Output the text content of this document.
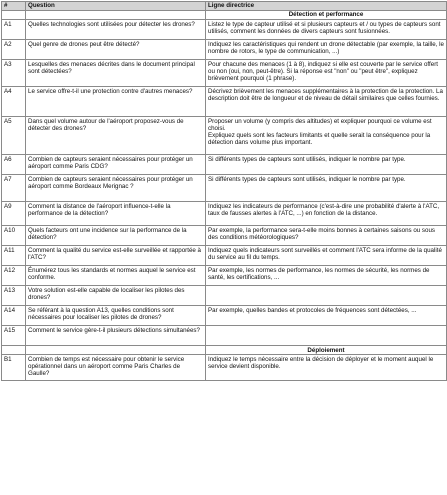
#	Question	Ligne directrice
		Détection et performance
A1	Quelles technologies sont utilisées pour détecter les drones?	Listez le type de capteur utilisé et si plusieurs capteurs et / ou types de capteurs sont utilisés, comment les données de divers capteurs sont fusionnées.
A2	Quel genre de drones peut être détecté?	Indiquez les caractéristiques qui rendent un drone détectable (par exemple, la taille, le nombre de rotors, le type de communication, ...)
A3	Lesquelles des menaces décrites dans le document principal sont détectées?	Pour chacune des menaces (1 à 8), indiquez si elle est couverte par le service offert ou non (oui, non, peut-être). Si la réponse est "non" ou "peut être", expliquez brièvement pourquoi (1 phrase).
A4	Le service offre-t-il une protection contre d'autres menaces?	Décrivez brièvement les menaces supplémentaires à la protection de la protection. La description doit être de longueur et de niveau de détail similaires que celles fournies.
A5	Dans quel volume autour de l'aéroport proposez-vous de détecter des drones?	Proposer un volume (y compris des altitudes) et expliquer pourquoi ce volume est choisi.
Expliquez quels sont les facteurs limitants et quelle serait la conséquence pour la détection dans volume plus important.
A6	Combien de capteurs seraient nécessaires pour protéger un aéroport comme Paris CDG?	Si différents types de capteurs sont utilisés, indiquer le nombre par type.
A7	Combien de capteurs seraient nécessaires pour protéger un aéroport comme Bordeaux Merignac ?	Si différents types de capteurs sont utilisés, indiquer le nombre par type.
A9	Comment la distance de l'aéroport influence-t-elle la performance de la détection?	Indiquez les indicateurs de performance (c'est-à-dire une probabilité d'alerte à l'ATC, taux de fausses alertes à l'ATC, ...) en fonction de la distance.
A10	Quels facteurs ont une incidence sur la performance de la détection?	Par exemple, la performance sera-t-elle moins bonnes à certaines saisons ou sous des conditions météorologiques?
A11	Comment la qualité du service est-elle surveillée et rapportée à l'ATC?	Indiquez quels indicateurs sont surveillés et comment l'ATC sera informe de la qualité du service au fil du temps.
A12	Énumérez tous les standards et normes auquel le service est conforme.	Par exemple, les normes de performance, les normes de sécurité, les normes de santé, les certifications, ...
A13	Votre solution est-elle capable de localiser les pilotes des drones?	
A14	Se référant à la question A13, quelles conditions sont nécessaires pour localiser les pilotes de drones?	Par exemple, quelles bandes et protocoles de fréquences sont détectées, ...
A15	Comment le service gère-t-il plusieurs détections simultanées?	
		Déploiement
B1	Combien de temps est nécessaire pour obtenir le service opérationnel dans un aéroport comme Paris Charles de Gaulle?	Indiquez le temps nécessaire entre la décision de déployer et le moment auquel le service devient disponible.
